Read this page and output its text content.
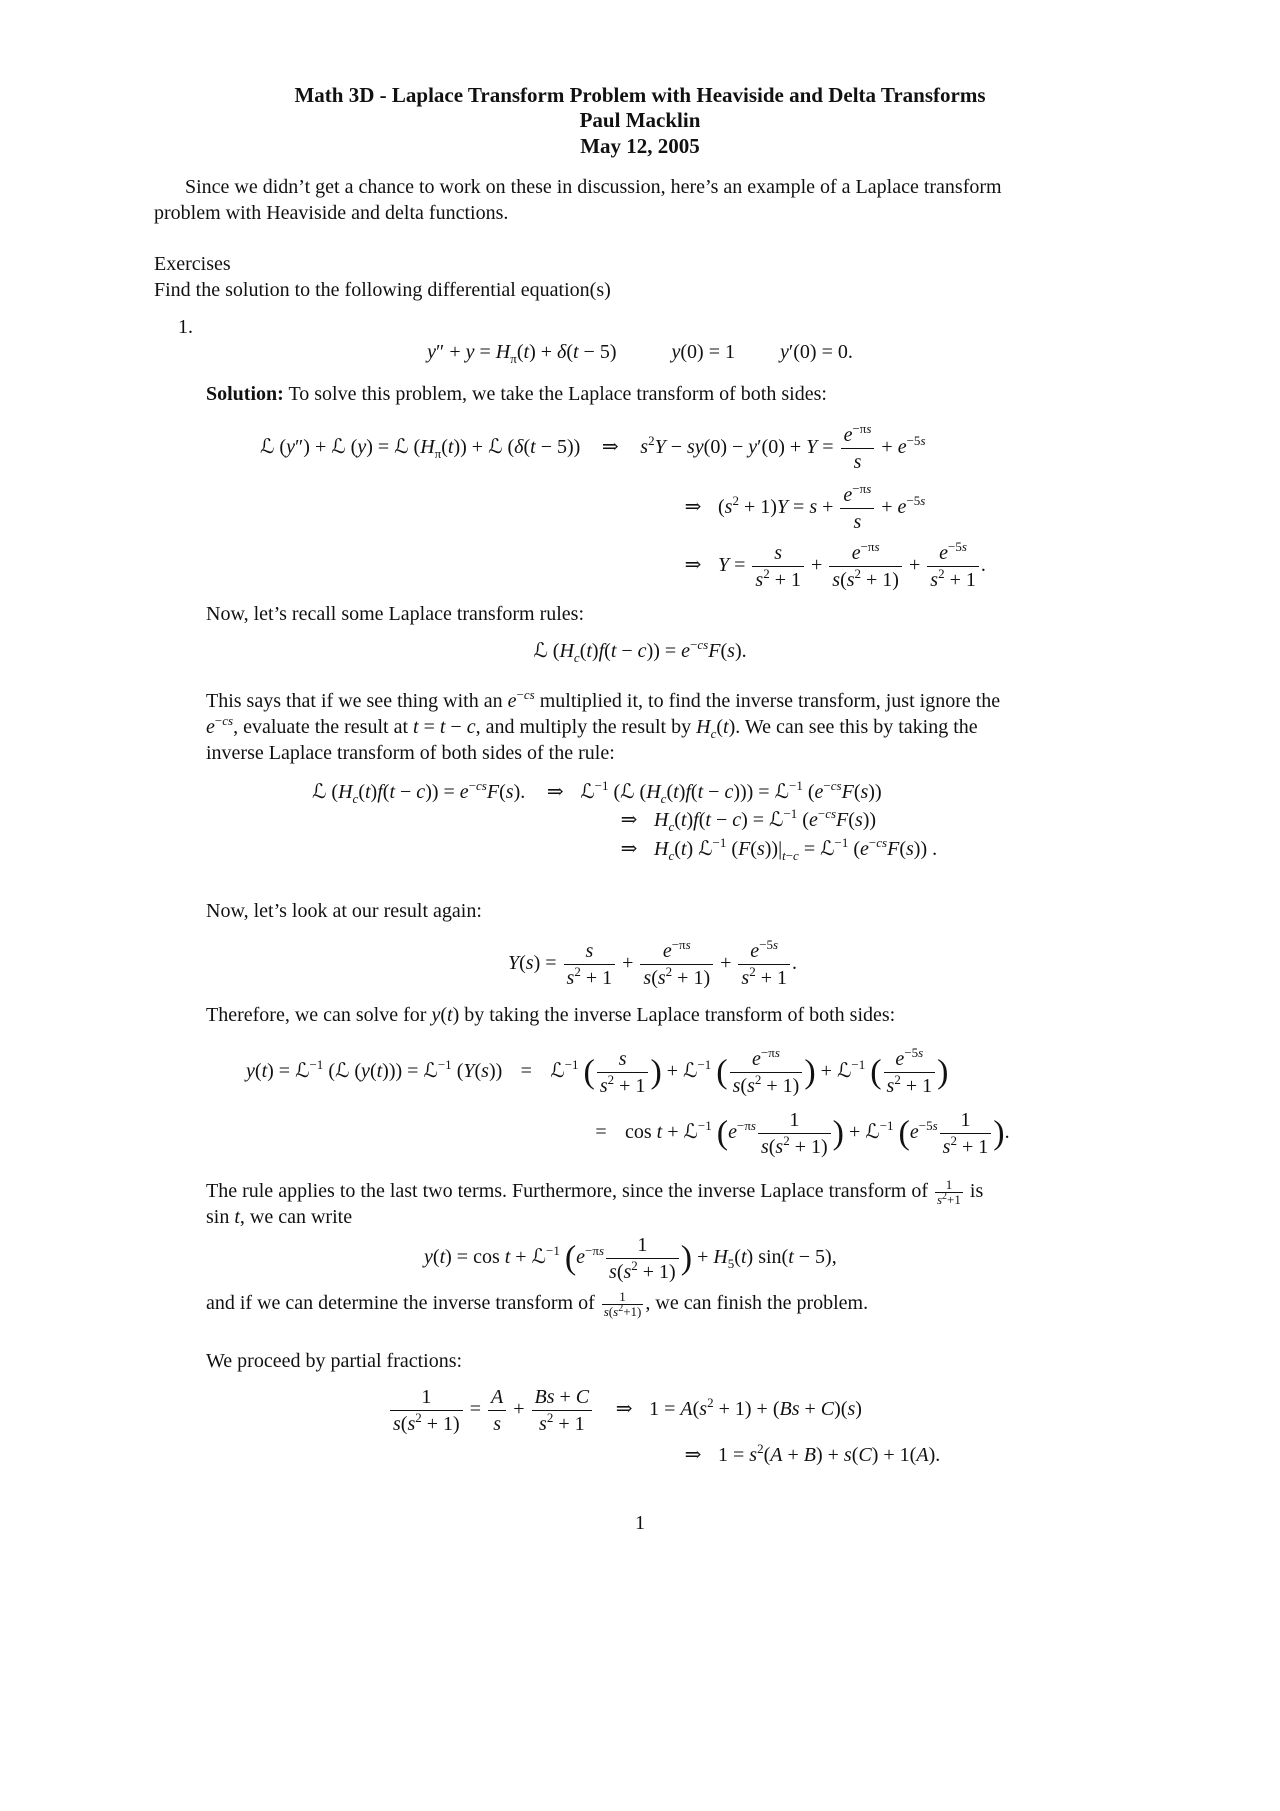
Math 3D - Laplace Transform Problem with Heaviside and Delta Transforms
Paul Macklin
May 12, 2005
Since we didn’t get a chance to work on these in discussion, here’s an example of a Laplace transform
problem with Heaviside and delta functions.
Exercises
Find the solution to the following differential equation(s)
1.
$y'' + y = H_\pi(t) + \delta(t - 5)$	y(0) = 1 y′(0) = 0.
Solution: To solve this problem, we take the Laplace transform of both sides:
ℒ (y″) + ℒ (y) = ℒ $(H_\pi(t))$ + ℒ (δ(t − 5)) ⇒ $s^2Y - sy(0) - y'(0) + Y = \frac{e^{-\pi s}}{s} + e^{-5s}$
⇒ $(s^2 + 1)Y = s + \frac{e^{-\pi s}}{s} + e^{-5s}$
⇒ $Y = \frac{s}{s^2 + 1} + \frac{e^{-\pi s}}{s(s^2 + 1)} + \frac{e^{-5s}}{s^2 + 1}$ .
Now, let’s recall some Laplace transform rules:
ℒ $(H_c(t)f(t - c)) = e^{-cs}F(s)$.
This says that if we see thing with an $e^{-cs}$ multiplied it, to find the inverse transform, just ignore the
$e^{-cs}$, evaluate the result at t = t − c, and multiply the result by $H_c(t)$. We can see this by taking the
inverse Laplace transform of both sides of the rule:
ℒ $(H_c(t)f(t - c)) = e^{-cs}F(s)$. ⇒ ℒ$^{-1}$ (ℒ $(H_c(t)f(t - c))$) = ℒ$^{-1}$ $(e^{-cs}F(s))$
⇒ $H_c(t)f(t - c)$ = ℒ$^{-1}$ $(e^{-cs}F(s))$
⇒ $H_c(t)$ ℒ$^{-1}$ $(F(s))|_{t-c}$ = ℒ$^{-1}$ $(e^{-cs}F(s))$ .
Now, let’s look at our result again:
$Y(s) = \frac{s}{s^2 + 1} + \frac{e^{-\pi s}}{s(s^2 + 1)} + \frac{e^{-5s}}{s^2 + 1}$ .
Therefore, we can solve for y(t) by taking the inverse Laplace transform of both sides:
y(t) = ℒ$^{-1}$ (ℒ (y(t))) = ℒ$^{-1}$ (Y(s)) = ℒ$^{-1}$ ( $\frac{s}{s^2 + 1}$ ) + ℒ$^{-1}$ ( $\frac{e^{-\pi s}}{s(s^2 + 1)}$ ) + ℒ$^{-1}$ ( $\frac{e^{-5s}}{s^2 + 1}$ )
= cos t + ℒ$^{-1}$ ($e^{-\pi s} \frac{1}{s(s^2 + 1)}$ ) + ℒ$^{-1}$ ($e^{-5s} \frac{1}{s^2 + 1}$ ).
The rule applies to the last two terms. Furthermore, since the inverse Laplace transform of $\frac{1}{s^2+1}$ is
sin t, we can write
y(t) = cos t + ℒ$^{-1}$ ($e^{-\pi s} \frac{1}{s(s^2 + 1)}$ ) + $H_5(t) \sin(t - 5)$,
and if we can determine the inverse transform of $\frac{1}{s(s^2+1)}$ , we can finish the problem.
We proceed by partial fractions:
$\frac{1}{s(s^2 + 1)} = \frac{A}{s} + \frac{Bs + C}{s^2 + 1}$ ⇒ $1 = A(s^2 + 1) + (Bs + C)(s)$
⇒ $1 = s^2(A + B) + s(C) + 1(A)$.
1
